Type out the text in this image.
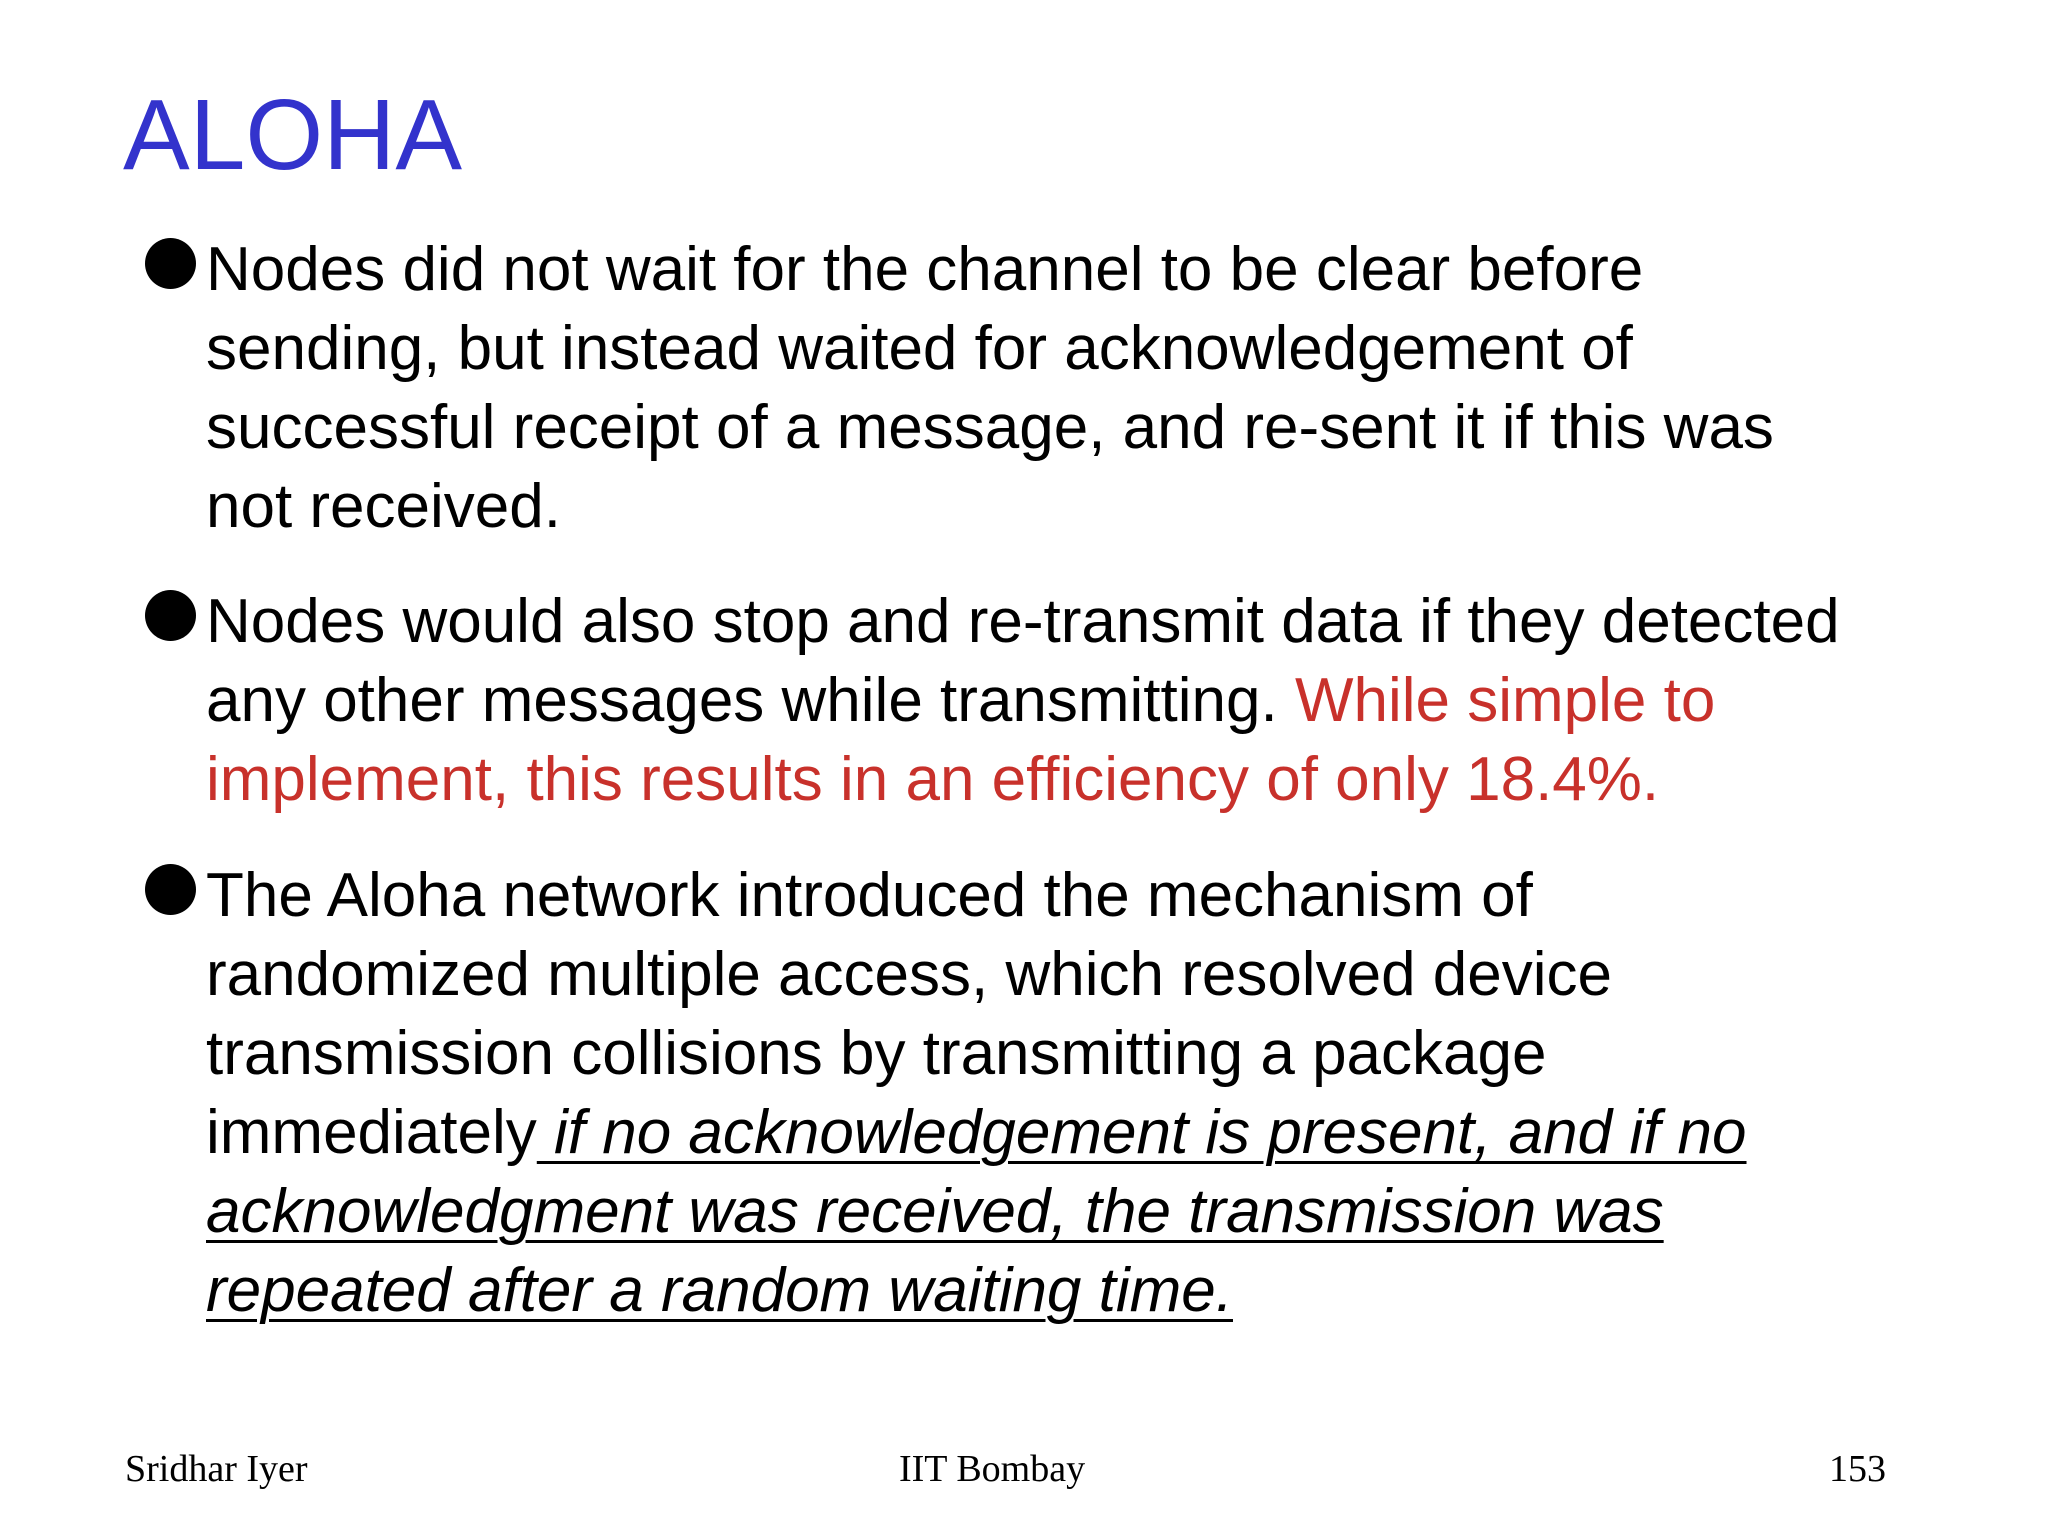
ALOHA
Nodes did not wait for the channel to be clear before
sending, but instead waited for acknowledgement of
successful receipt of a message, and re-sent it if this was
not received.
Nodes would also stop and re-transmit data if they detected
any other messages while transmitting. While simple to
implement, this results in an efficiency of only 18.4%.
The Aloha network introduced the mechanism of
randomized multiple access, which resolved device
transmission collisions by transmitting a package
immediately if no acknowledgement is present, and if no
acknowledgment was received, the transmission was
repeated after a random waiting time.
Sridhar Iyer	IIT Bombay	153
